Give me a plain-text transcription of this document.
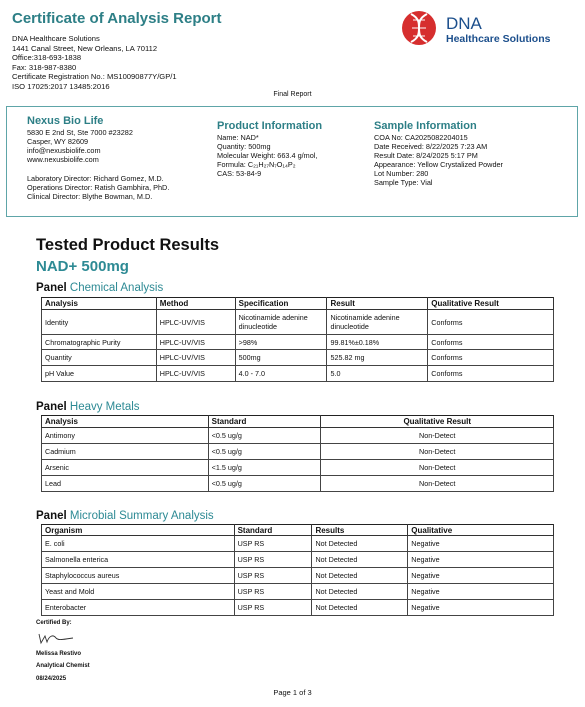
Certificate of Analysis Report
DNA Healthcare Solutions
1441 Canal Street, New Orleans, LA 70112
Office:318-693-1838
Fax: 318-987-8380
Certificate Registration No.: MS10090877Y/GP/1
ISO 17025:2017 13485:2016
DNA
Healthcare Solutions
Final Report
Nexus Bio Life
5830 E 2nd St, Ste 7000 #23282
Casper, WY 82609
info@nexusbiolife.com
www.nexusbiolife.com
Laboratory Director: Richard Gomez, M.D.
Operations Director: Ratish Gambhira, PhD.
Clinical Director: Blythe Bowman, M.D.
Product Information
Name: NAD*
Quantity: 500mg
Molecular Weight: 663.4 g/mol,
Formula: C₂₁H₂₇N₇O₁₄P₂
CAS: 53-84-9
Sample Information
COA No: CA2025082204015
Date Received: 8/22/2025 7:23 AM
Result Date: 8/24/2025 5:17 PM
Appearance: Yellow Crystalized Powder
Lot Number: 280
Sample Type: Vial
Tested Product Results
NAD+ 500mg
Panel Chemical Analysis
Analysis	Method	Specification	Result	Qualitative Result
Identity	HPLC-UV/VIS	Nicotinamide adenine dinucleotide	Nicotinamide adenine dinucleotide	Conforms
Chromatographic Purity	HPLC-UV/VIS	>98%	99.81%±0.18%	Conforms
Quantity	HPLC-UV/VIS	500mg	525.82 mg	Conforms
pH Value	HPLC-UV/VIS	4.0 - 7.0	5.0	Conforms
Panel Heavy Metals
Analysis	Standard	Qualitative Result
Antimony	<0.5 ug/g	Non-Detect
Cadmium	<0.5 ug/g	Non-Detect
Arsenic	<1.5 ug/g	Non-Detect
Lead	<0.5 ug/g	Non-Detect
Panel Microbial Summary Analysis
Organism	Standard	Results	Qualitative
E. coli	USP RS	Not Detected	Negative
Salmonella enterica	USP RS	Not Detected	Negative
Staphylococcus aureus	USP RS	Not Detected	Negative
Yeast and Mold	USP RS	Not Detected	Negative
Enterobacter	USP RS	Not Detected	Negative
Certified By:
Melissa Restivo
Analytical Chemist
08/24/2025
Page 1 of 3
